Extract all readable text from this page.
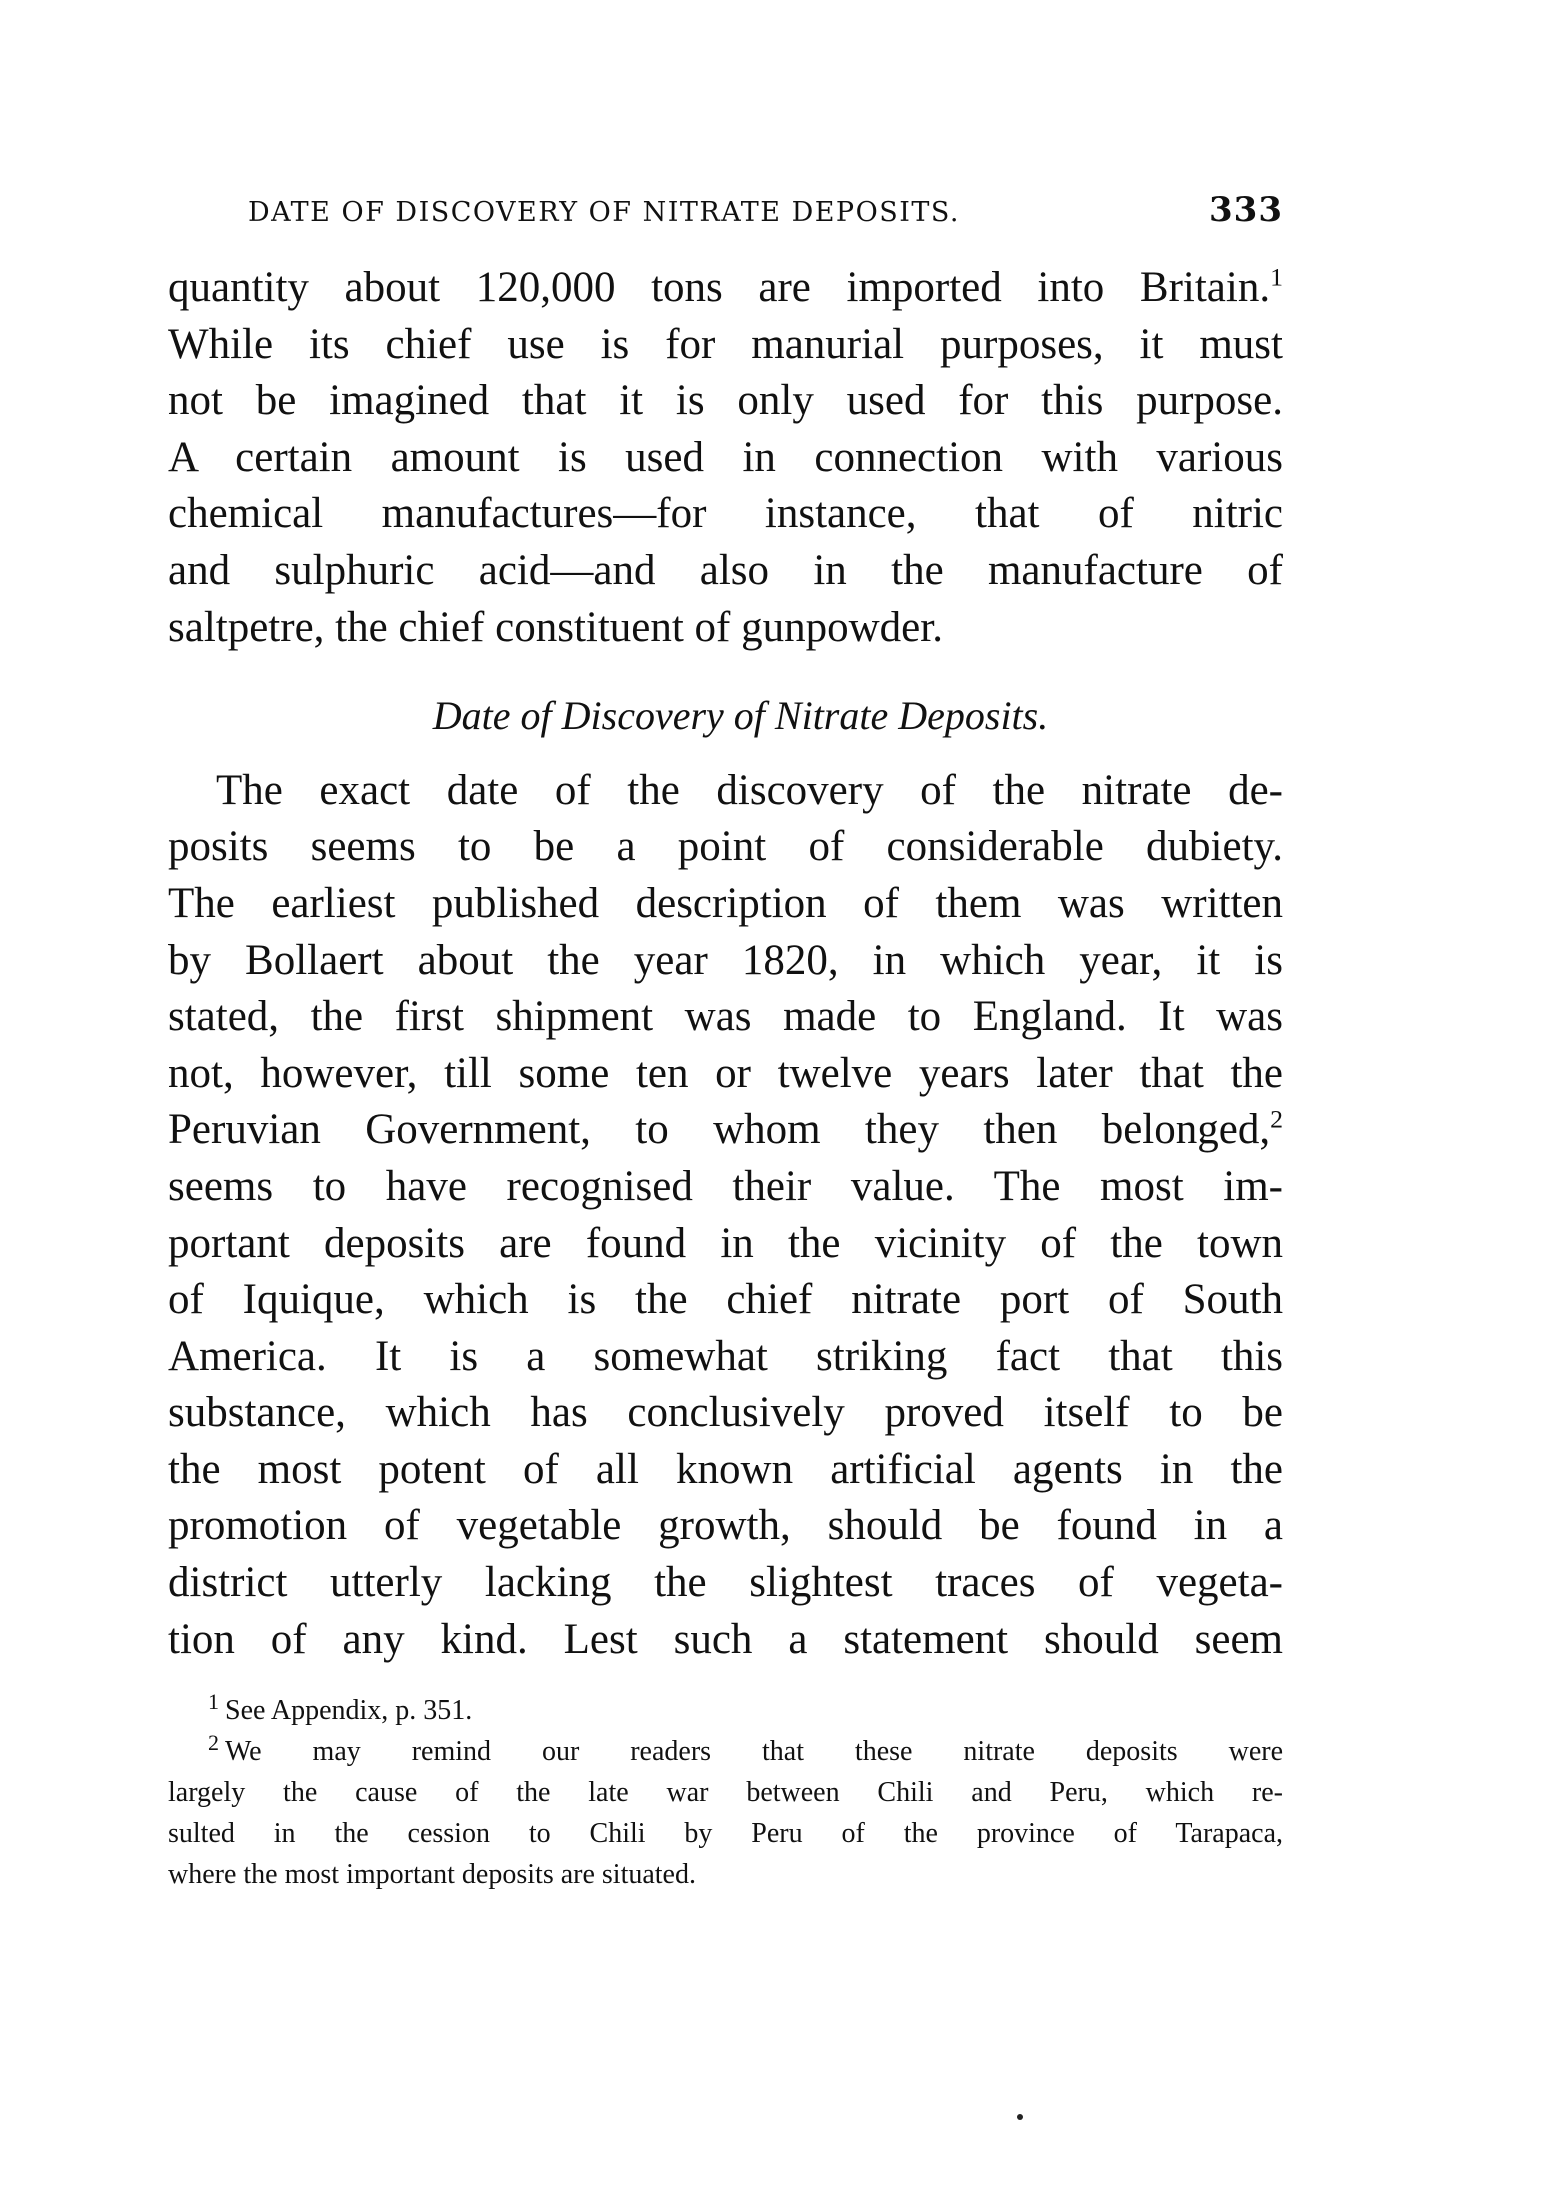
DATE OF DISCOVERY OF NITRATE DEPOSITS.	333

quantity about 120,000 tons are imported into Britain.$^1$
While its chief use is for manurial purposes, it must
not be imagined that it is only used for this purpose.
A certain amount is used in connection with various
chemical manufactures—for instance, that of nitric
and sulphuric acid—and also in the manufacture of
saltpetre, the chief constituent of gunpowder.

Date of Discovery of Nitrate Deposits.

The exact date of the discovery of the nitrate de-
posits seems to be a point of considerable dubiety.
The earliest published description of them was written
by Bollaert about the year 1820, in which year, it is
stated, the first shipment was made to England. It was
not, however, till some ten or twelve years later that the
Peruvian Government, to whom they then belonged,$^2$
seems to have recognised their value. The most im-
portant deposits are found in the vicinity of the town
of Iquique, which is the chief nitrate port of South
America. It is a somewhat striking fact that this
substance, which has conclusively proved itself to be
the most potent of all known artificial agents in the
promotion of vegetable growth, should be found in a
district utterly lacking the slightest traces of vegeta-
tion of any kind. Lest such a statement should seem

$^1$ See Appendix, p. 351.
$^2$ We may remind our readers that these nitrate deposits were
largely the cause of the late war between Chili and Peru, which re-
sulted in the cession to Chili by Peru of the province of Tarapaca,
where the most important deposits are situated.
